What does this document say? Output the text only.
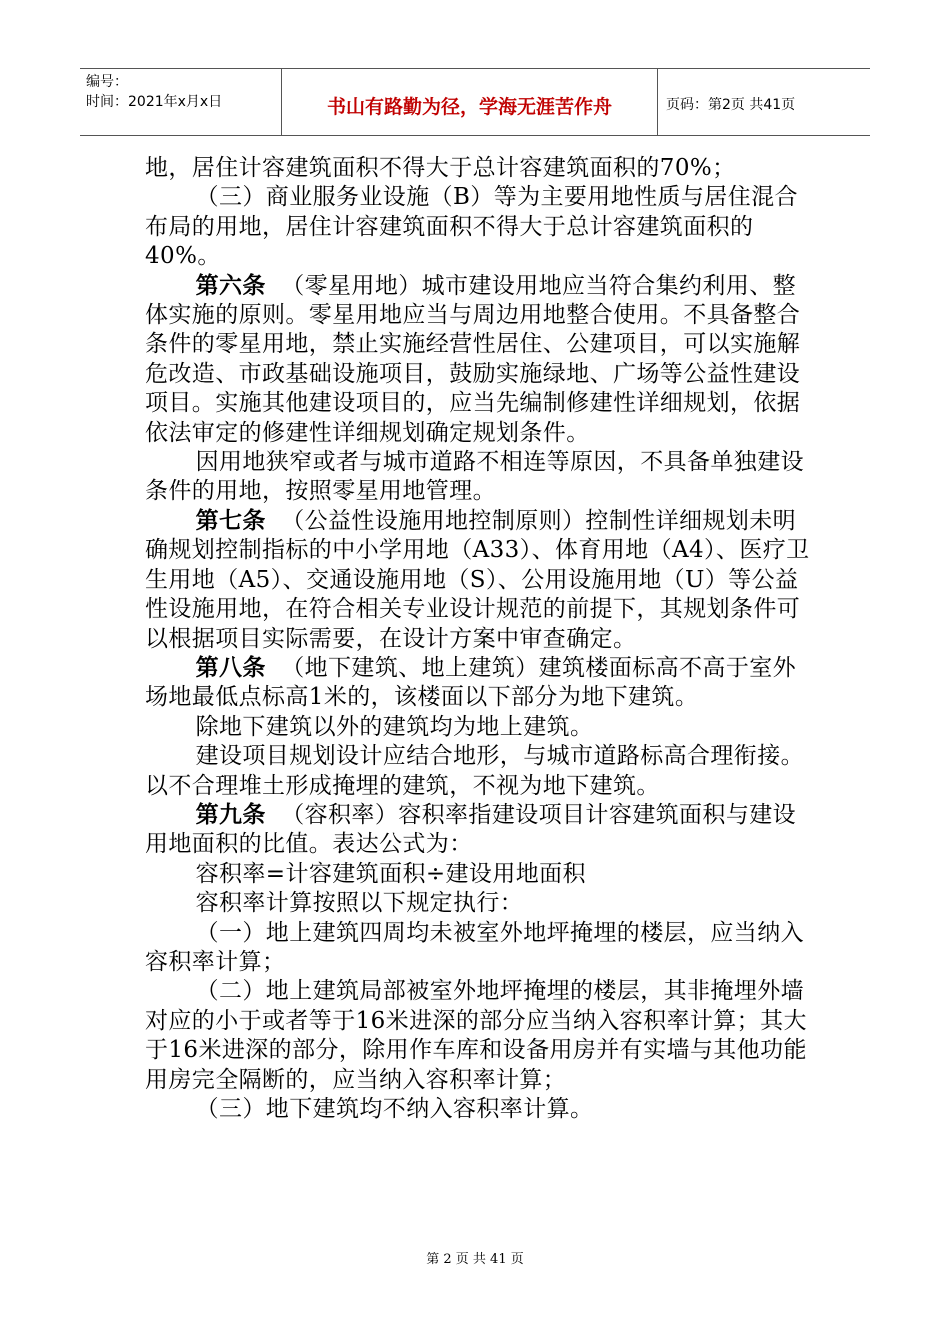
编号：
时间：2021年x月x日	书山有路勤为径，学海无涯苦作舟	页码：第2页 共41页

地，居住计容建筑面积不得大于总计容建筑面积的70%；

（三）商业服务业设施（B）等为主要用地性质与居住混合布局的用地，居住计容建筑面积不得大于总计容建筑面积的40%。

第六条 （零星用地）城市建设用地应当符合集约利用、整体实施的原则。零星用地应当与周边用地整合使用。不具备整合条件的零星用地，禁止实施经营性居住、公建项目，可以实施解危改造、市政基础设施项目，鼓励实施绿地、广场等公益性建设项目。实施其他建设项目的，应当先编制修建性详细规划，依据依法审定的修建性详细规划确定规划条件。

因用地狭窄或者与城市道路不相连等原因，不具备单独建设条件的用地，按照零星用地管理。

第七条 （公益性设施用地控制原则）控制性详细规划未明确规划控制指标的中小学用地（A33）、体育用地（A4）、医疗卫生用地（A5）、交通设施用地（S）、公用设施用地（U）等公益性设施用地，在符合相关专业设计规范的前提下，其规划条件可以根据项目实际需要，在设计方案中审查确定。

第八条 （地下建筑、地上建筑）建筑楼面标高不高于室外场地最低点标高1米的，该楼面以下部分为地下建筑。

除地下建筑以外的建筑均为地上建筑。

建设项目规划设计应结合地形，与城市道路标高合理衔接。以不合理堆土形成掩埋的建筑，不视为地下建筑。

第九条 （容积率）容积率指建设项目计容建筑面积与建设用地面积的比值。表达公式为：

容积率=计容建筑面积÷建设用地面积

容积率计算按照以下规定执行：

（一）地上建筑四周均未被室外地坪掩埋的楼层，应当纳入容积率计算；

（二）地上建筑局部被室外地坪掩埋的楼层，其非掩埋外墙对应的小于或者等于16米进深的部分应当纳入容积率计算；其大于16米进深的部分，除用作车库和设备用房并有实墙与其他功能用房完全隔断的，应当纳入容积率计算；

（三）地下建筑均不纳入容积率计算。

第 2 页 共 41 页
